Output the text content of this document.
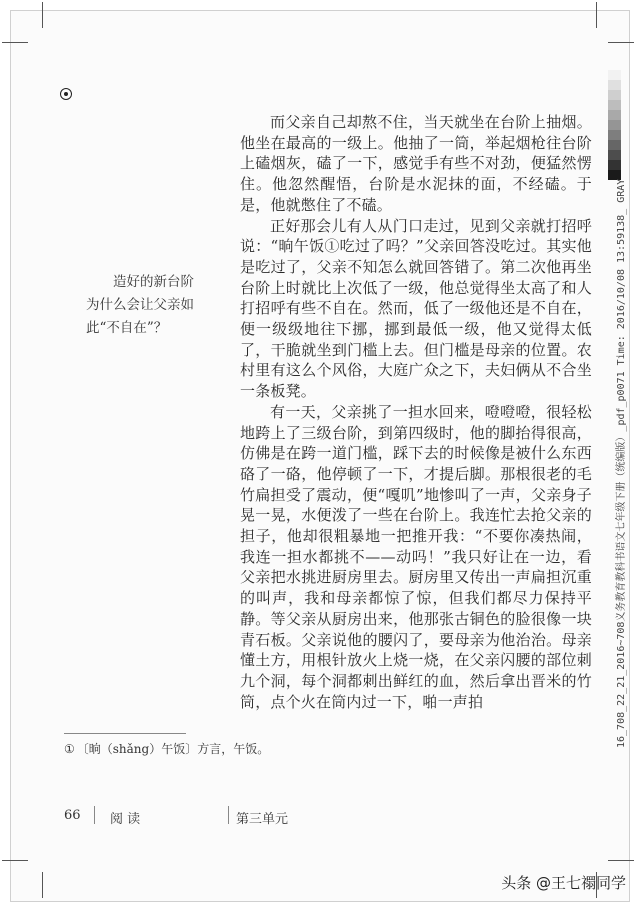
而父亲自己却熬不住，当天就坐在台阶上抽烟。他坐在最高的一级上。他抽了一筒，举起烟枪往台阶上磕烟灰，磕了一下，感觉手有些不对劲，便猛然愣住。他忽然醒悟，台阶是水泥抹的面，不经磕。于是，他就憋住了不磕。

正好那会儿有人从门口走过，见到父亲就打招呼说：“晌午饭①吃过了吗？”父亲回答没吃过。其实他是吃过了，父亲不知怎么就回答错了。第二次他再坐台阶上时就比上次低了一级，他总觉得坐太高了和人打招呼有些不自在。然而，低了一级他还是不自在，便一级级地往下挪，挪到最低一级，他又觉得太低了，干脆就坐到门槛上去。但门槛是母亲的位置。农村里有这么个风俗，大庭广众之下，夫妇俩从不合坐一条板凳。

有一天，父亲挑了一担水回来，噔噔噔，很轻松地跨上了三级台阶，到第四级时，他的脚抬得很高，仿佛是在跨一道门槛，踩下去的时候像是被什么东西硌了一硌，他停顿了一下，才提后脚。那根很老的毛竹扁担受了震动，便“嘎叽”地惨叫了一声，父亲身子晃一晃，水便泼了一些在台阶上。我连忙去抢父亲的担子，他却很粗暴地一把推开我：“不要你凑热闹，我连一担水都挑不——动吗！”我只好让在一边，看父亲把水挑进厨房里去。厨房里又传出一声扁担沉重的叫声，我和母亲都惊了惊，但我们都尽力保持平静。等父亲从厨房出来，他那张古铜色的脸很像一块青石板。父亲说他的腰闪了，要母亲为他治治。母亲懂土方，用根针放火上烧一烧，在父亲闪腰的部位刺九个洞，每个洞都刺出鲜红的血，然后拿出晋米的竹筒，点个火在筒内过一下，啪一声拍

造好的新台阶为什么会让父亲如此“不自在”？
① 〔晌（shǎng）午饭〕方言，午饭。
66 阅 读	第三单元
16_708_22_21_2016~708义务教育教科书语文七年级下册（统编版）_pdf_p0071 Time: 2016/10/08 13:59138_ GRAY
头条 @王七禤同学
